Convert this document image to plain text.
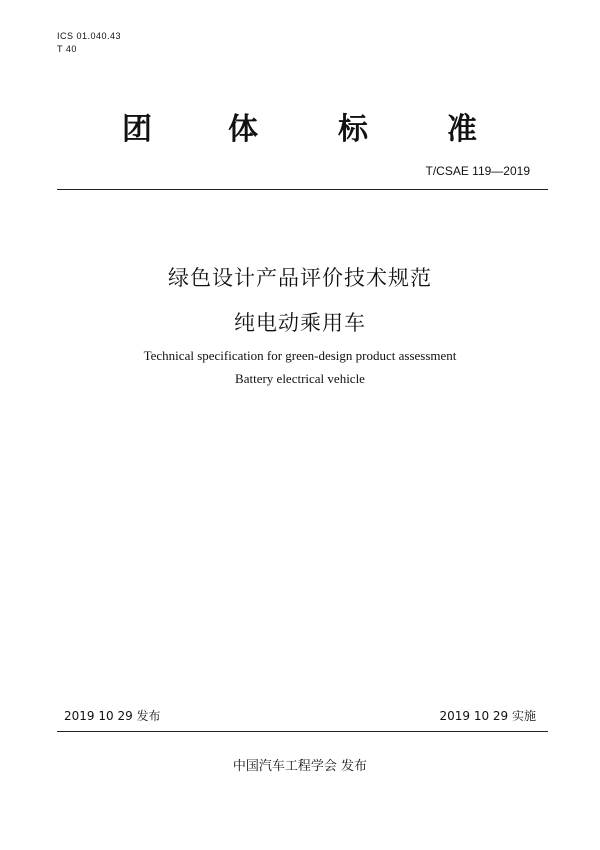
ICS 01.040.43
T 40
团	体	标	准
T/CSAE 119—2019
绿色设计产品评价技术规范
纯电动乘用车
Technical specification for green-design product assessment
Battery electrical vehicle
2019 10 29 发布	2019 10 29 实施
中国汽车工程学会 发布
